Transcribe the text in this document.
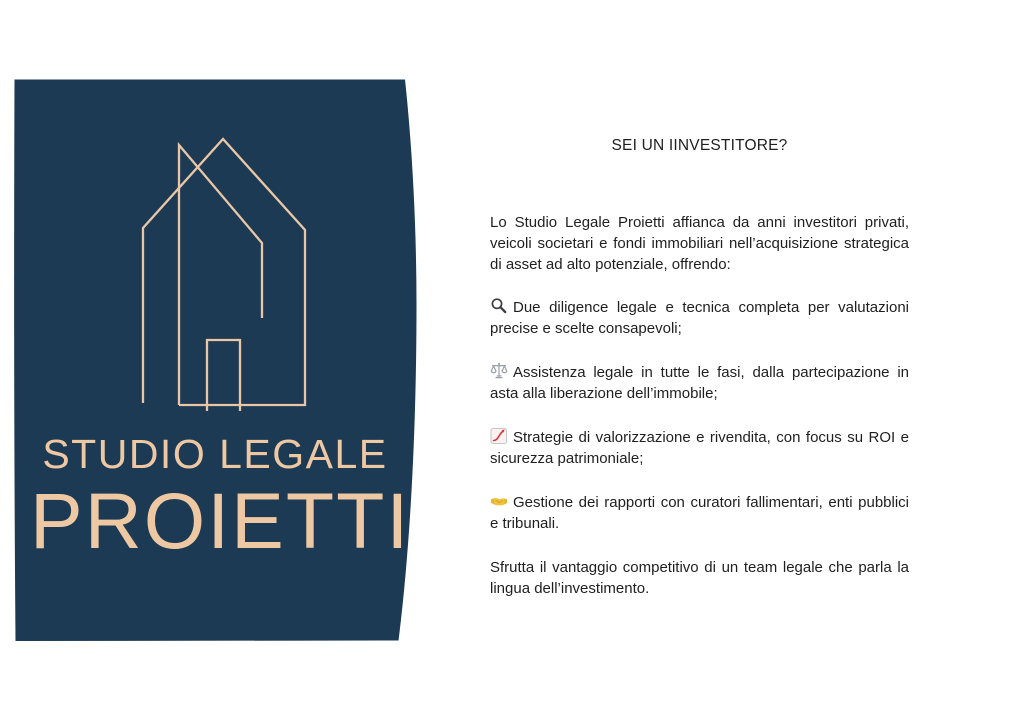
STUDIO LEGALE
PROIETTI

SEI UN IINVESTITORE?

Lo Studio Legale Proietti affianca da anni investitori privati, veicoli societari e fondi immobiliari nell’acquisizione strategica di asset ad alto potenziale, offrendo:

Due diligence legale e tecnica completa per valutazioni precise e scelte consapevoli;

Assistenza legale in tutte le fasi, dalla partecipazione in asta alla liberazione dell’immobile;

Strategie di valorizzazione e rivendita, con focus su ROI e sicurezza patrimoniale;

Gestione dei rapporti con curatori fallimentari, enti pubblici e tribunali.

Sfrutta il vantaggio competitivo di un team legale che parla la lingua dell’investimento.
